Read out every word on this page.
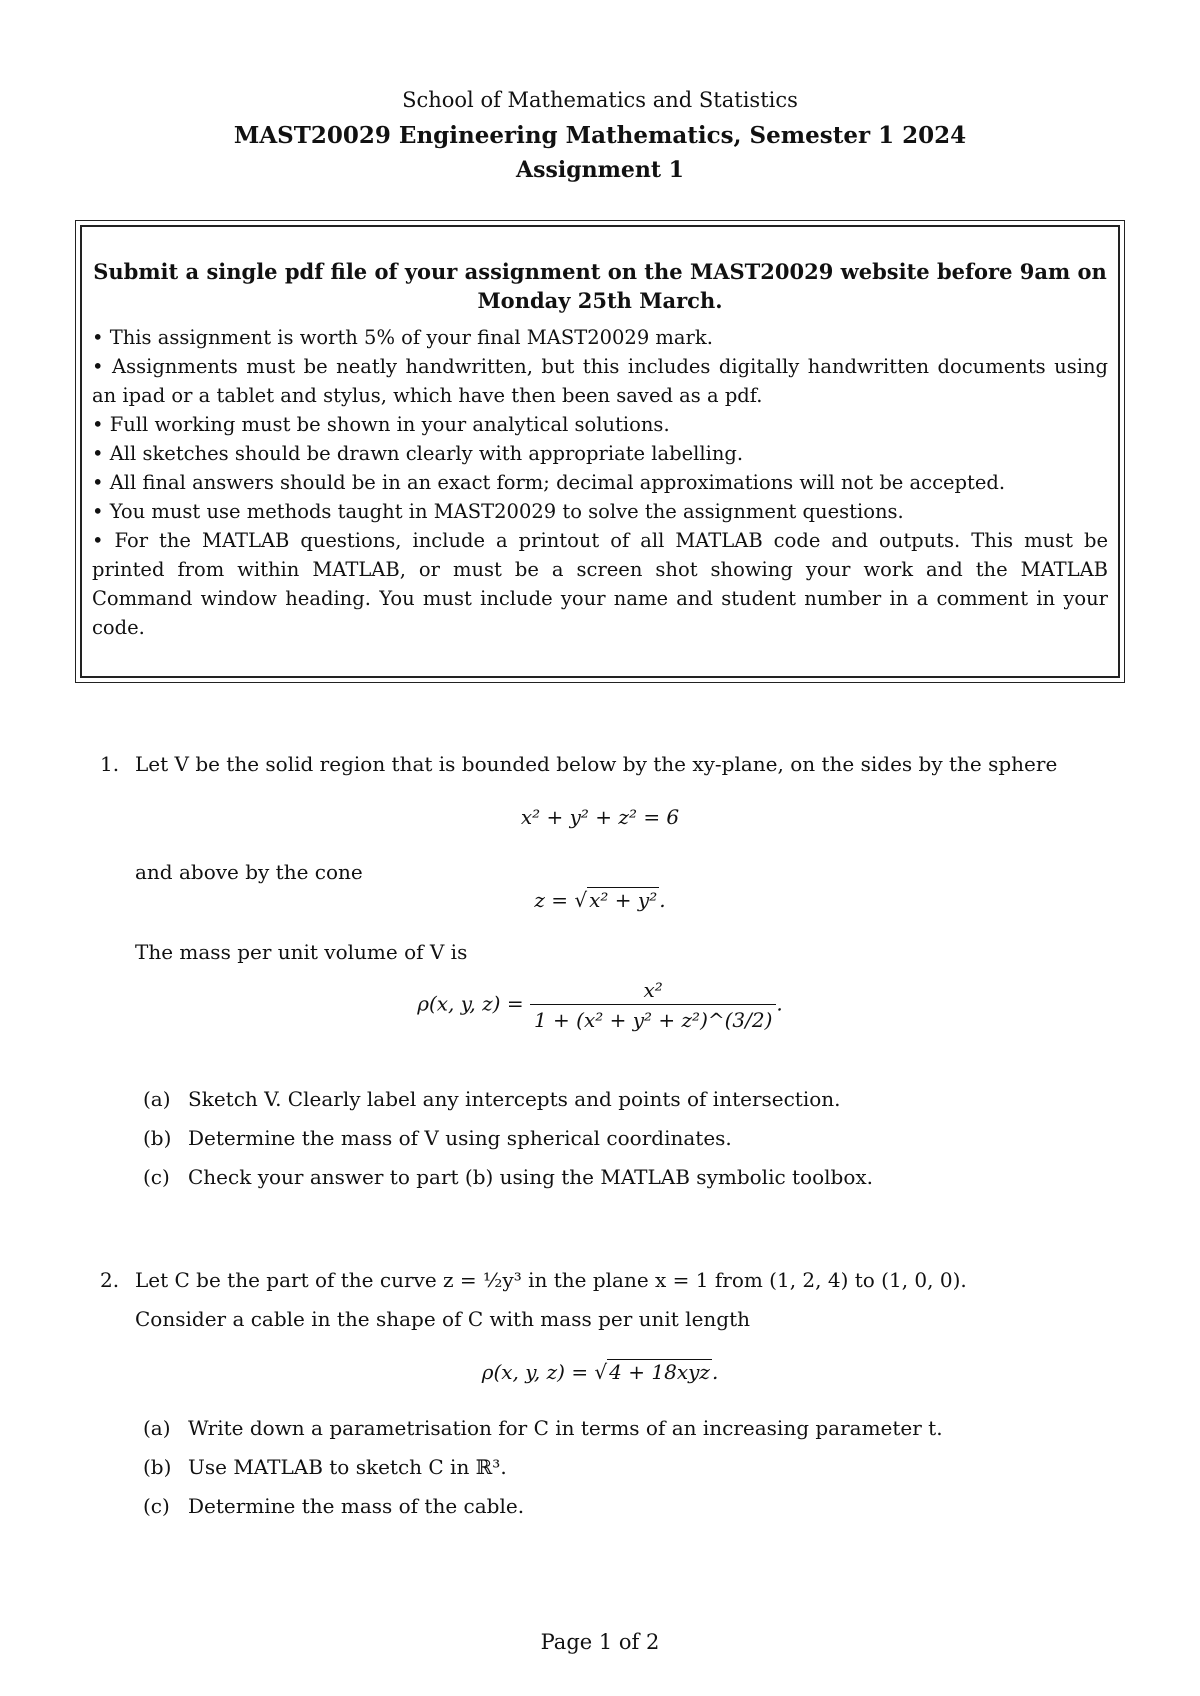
School of Mathematics and Statistics
MAST20029 Engineering Mathematics, Semester 1 2024
Assignment 1

Submit a single pdf file of your assignment on the MAST20029 website before 9am on Monday 25th March.

• This assignment is worth 5% of your final MAST20029 mark.
• Assignments must be neatly handwritten, but this includes digitally handwritten documents using an ipad or a tablet and stylus, which have then been saved as a pdf.
• Full working must be shown in your analytical solutions.
• All sketches should be drawn clearly with appropriate labelling.
• All final answers should be in an exact form; decimal approximations will not be accepted.
• You must use methods taught in MAST20029 to solve the assignment questions.
• For the MATLAB questions, include a printout of all MATLAB code and outputs. This must be printed from within MATLAB, or must be a screen shot showing your work and the MATLAB Command window heading. You must include your name and student number in a comment in your code.
1. Let V be the solid region that is bounded below by the xy-plane, on the sides by the sphere
x² + y² + z² = 6
and above by the cone
z = √ x² + y² .
The mass per unit volume of V is
ρ(x, y, $z) = \frac{\text{x²}}{\text{1 + (x² + y² + z²)\textasciicircum{}(3/2)}}$ .
(a) Sketch V. Clearly label any intercepts and points of intersection.
(b) Determine the mass of V using spherical coordinates.
(c) Check your answer to part (b) using the MATLAB symbolic toolbox.
2. Let C be the part of the curve z = ½y³ in the plane x = 1 from (1, 2, 4) to (1, 0, 0).
Consider a cable in the shape of C with mass per unit length
ρ(x, y, z) = √ 4 + 18xyz .
(a) Write down a parametrisation for C in terms of an increasing parameter t.
(b) Use MATLAB to sketch C in ℝ³.
(c) Determine the mass of the cable.
Page 1 of 2
